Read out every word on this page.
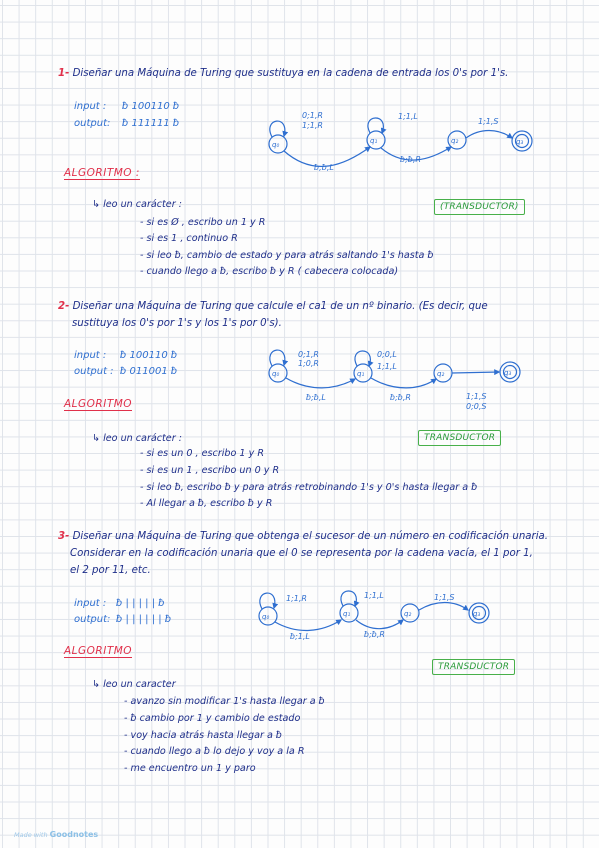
1- Diseñar una Máquina de Turing que sustituya en la cadena de entrada los 0's por 1's.
input : ƀ 100110 ƀ
output: ƀ 111111 ƀ
q₀	q₁	q₂	q₃
0;1,R
1;1,R
1;1,L
1;1,S
ƀ;ƀ,L
ƀ;ƀ,R
ALGORITMO :
↳ leo un carácter :	(TRANSDUCTOR)
- si es Ø , escribo un 1 y R
- si es 1 , continuo R
- si leo ƀ, cambio de estado y para atrás saltando 1's hasta ƀ
- cuando llego a ƀ, escribo ƀ y R ( cabecera colocada)
2- Diseñar una Máquina de Turing que calcule el ca1 de un nº binario. (Es decir, que
sustituya los 0's por 1's y los 1's por 0's).
input : ƀ 100110 ƀ
output : ƀ 011001 ƀ	q₀	q₁	q₂	q₃
0;1,R
1;0,R
0;0,L
1;1,L
ƀ;ƀ,L	ƀ;ƀ,R	1;1,S
0;0,S
ALGORITMO
TRANSDUCTOR
↳ leo un carácter :
- si es un 0 , escribo 1 y R
- si es un 1 , escribo un 0 y R
- si leo ƀ, escribo ƀ y para atrás retrobinando 1's y 0's hasta llegar a ƀ
- Al llegar a ƀ, escribo ƀ y R
3- Diseñar una Máquina de Turing que obtenga el sucesor de un número en codificación unaria.
Considerar en la codificación unaria que el 0 se representa por la cadena vacía, el 1 por 1,
el 2 por 11, etc.
input : ƀ | | | | | ƀ
output: ƀ | | | | | | ƀ	q₀	q₁	q₂	q₃
1;1,R	1;1,L	1;1,S
ƀ;1,L	ƀ;ƀ,R
ALGORITMO
TRANSDUCTOR
↳ leo un caracter
- avanzo sin modificar 1's hasta llegar a ƀ
- ƀ cambio por 1 y cambio de estado
- voy hacia atrás hasta llegar a ƀ
- cuando llego a ƀ lo dejo y voy a la R
- me encuentro un 1 y paro
Made with Goodnotes
